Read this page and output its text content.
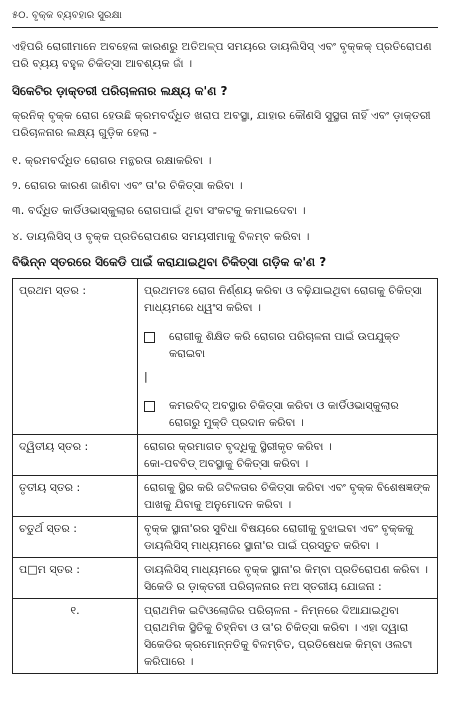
୫୦. ବୃକ୍କ ବ୍ୟବହାର ସୁରକ୍ଷା

ଏହିପରି ରୋଗୀମାନେ ଅବହେଳା କାରଣରୁ ଅତିଅଳ୍ପ ସମୟରେ ଡାୟଲିସିସ୍ ଏବଂ ବୃକ୍କକ୍ ପ୍ରତିରୋପଣ ପରି ବ୍ୟୟ ବହୁଳ ଚିକିତ୍ସା ଆବଶ୍ୟକ ଜାଁ ।

ସିକେଟିର ଡ଼ାକ୍ତରୀ ପରିଚାଳନାର ଲକ୍ଷ୍ୟ କ'ଣ ?

କ୍ରନିକ୍ ବୃକ୍କ ରୋଗ ହେଉଛି କ୍ରମବର୍ଦ୍ଧିତ ଖରାପ ଅବସ୍ଥା, ଯାହାର କୌଣସି ସୁସ୍ଥତା ନାହିଁ ଏବଂ ଡ଼ାକ୍ତରୀ ପରିଚାଳନାର ଲକ୍ଷ୍ୟ ଗୁଡ଼ିକ ହେଲା -

୧. କ୍ରମବର୍ଦ୍ଧିତ ରୋଗର ମନ୍ଥରତା ରକ୍ଷାକରିବା ।
୨. ରୋଗର କାରଣ ଜାଣିବା ଏବଂ ତା'ର ଚିକିତ୍ସା କରିବା ।
୩. ବର୍ଦ୍ଧିତ କାର୍ଡିଓଭାସ୍କୁଲାର ରୋଗପାଇଁ ଥିବା ସଂକଟକୁ କମାଇଦେବା ।
୪. ଡାୟଲିସିସ୍ ଓ ବୃକ୍କ ପ୍ରତିରୋପଣର ସମୟସୀମାକୁ ବିଳମ୍ବ କରିବା ।
ବିଭିନ୍ନ ସ୍ତରରେ ସିକେଡି ପାଇଁ କରାଯାଇଥିବା ଚିକିତ୍ସା ଗଡ଼ିକ କ'ଣ ?
ପ୍ରଥମ ସ୍ତର :	ପ୍ରଥମତଃ ରୋଗ ନିର୍ଣ୍ଣୟ କରିବା ଓ ବଢ଼ିଯାଇଥିବା ରୋଗକୁ ଚିକିତ୍ସା ମାଧ୍ୟମରେ ଧ୍ୱଂସ କରିବା ।
ରୋଗୀକୁ ଶିକ୍ଷିତ କରି ରୋଗର ପରିଚାଳନା ପାଇଁ ଉପଯୁକ୍ତ କରାଇବା
|
କମରବିଦ୍ ଅବସ୍ଥାର ଚିକିତ୍ସା କରିବା ଓ କାର୍ଡିଓଭାସ୍କୁଲାର ରୋଗରୁ ମୁକ୍ତି ପ୍ରଦାନ କରିବା ।

ଦ୍ୱିତୀୟ ସ୍ତର :	ରୋଗର କ୍ରମାଗତ ବୃଦ୍ଧିକୁ ସ୍ଥିରୀକୃତ କରିବା ।
କୋ-ପବବିଡ୍ ଅବସ୍ଥାକୁ ଚିକିତ୍ସା କରିବା ।

ତୃତୀୟ ସ୍ତର :	ରୋଗକୁ ସ୍ଥିର କରି ଜଟିଳତାର ଚିକିତ୍ସା କରିବା ଏବଂ ବୃକ୍କ ବିଶେଷଜ୍ଞଙ୍କ ପାଖକୁ ଯିବାକୁ ଅନୁମୋଦନ କରିବା ।
ଚତୁର୍ଥ ସ୍ତର :	ବୃକ୍କ ସ୍ଥାନା'ରର ସୁବିଧା ବିଷୟରେ ରୋଗୀକୁ ବୁଝାଇବା ଏବଂ ବୃକ୍କକୁ ଡାୟଲିସିସ୍ ମାଧ୍ୟମରେ ସ୍ଥାନା'ର ପାଇଁ ପ୍ରସ୍ତୁତ କରିବା ।
ପ□ମ ସ୍ତର :	ଡାୟଲିସିସ୍ ମାଧ୍ୟମରେ ବୃକ୍କ ସ୍ଥାନା'ର କିମ୍ବା ପ୍ରତିରୋପଣ କରିବା ।ସିକେଡି ର ଡ଼ାକ୍ତରୀ ପରିଚାଳନାର ନଅ ସ୍ତରୀୟ ଯୋଜନା :
୧.	ପ୍ରାଥମିକ ଇଟିଓଲୋଜିର ପରିଚାଳନା - ନିମ୍ନରେ ଦିଆଯାଇଥିବା ପ୍ରାଥମିକ ସ୍ଥିତିକୁ ଚିହ୍ନିବା ଓ ତା'ର ଚିକିତ୍ସା କରିବା । ଏହା ଦ୍ୱାରା ସିକେଡିର କ୍ରମୋନ୍ନତିକୁ ବିଳମ୍ବିତ, ପ୍ରତିଷେଧକ କିମ୍ବା ଓଲଟା କରିପାରେ ।
